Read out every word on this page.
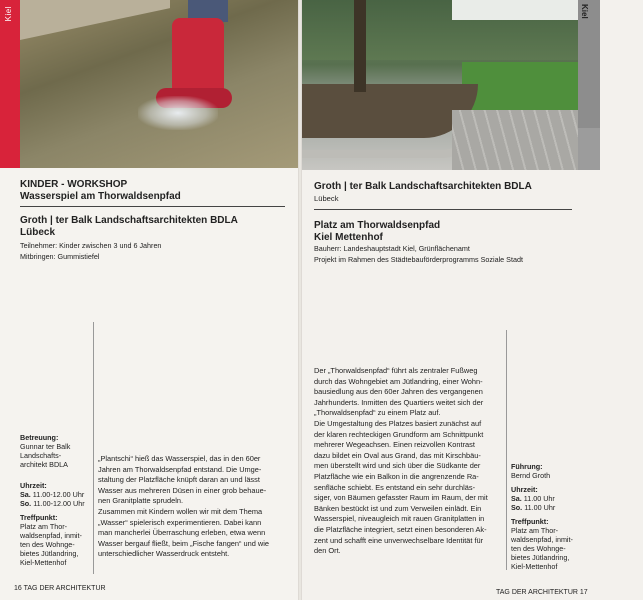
Kiel	Kiel

KINDER - WORKSHOP

Wasserspiel am Thorwaldsenpfad

Groth | ter Balk Landschaftsarchitekten BDLA

Lübeck

Teilnehmer: Kinder zwischen 3 und 6 Jahren

Mitbringen: Gummistiefel

Betreuung:

Gunnar ter Balk

Landschafts-

architekt BDLA

Uhrzeit:

Sa. 11.00-12.00 Uhr

So. 11.00-12.00 Uhr

Treffpunkt:

Platz am Thor-

waldsenpfad, inmit-

ten des Wohnge-

bietes Jütlandring,

Kiel-Mettenhof

„Plantschi“ hieß das Wasserspiel, das in den 60er

Jahren am Thorwaldsenpfad entstand. Die Umge-

staltung der Platzfläche knüpft daran an und lässt

Wasser aus mehreren Düsen in einer grob behaue-

nen Granitplatte sprudeln.

Zusammen mit Kindern wollen wir mit dem Thema

„Wasser“ spielerisch experimentieren. Dabei kann

man mancherlei Überraschung erleben, etwa wenn

Wasser bergauf fließt, beim „Fische fangen“ und wie

unterschiedlicher Wasserdruck entsteht.

16 TAG DER ARCHITEKTUR

Groth | ter Balk Landschaftsarchitekten BDLA

Lübeck

Platz am Thorwaldsenpfad

Kiel Mettenhof

Bauherr: Landeshauptstadt Kiel, Grünflächenamt

Projekt im Rahmen des Städtebauförderprogramms Soziale Stadt

Der „Thorwaldsenpfad“ führt als zentraler Fußweg

durch das Wohngebiet am Jütlandring, einer Wohn-

bausiedlung aus den 60er Jahren des vergangenen

Jahrhunderts. Inmitten des Quartiers weitet sich der

„Thorwaldsenpfad“ zu einem Platz auf.

Die Umgestaltung des Platzes basiert zunächst auf

der klaren rechteckigen Grundform am Schnittpunkt

mehrerer Wegeachsen. Einen reizvollen Kontrast

dazu bildet ein Oval aus Grand, das mit Kirschbäu-

men überstellt wird und sich über die Südkante der

Platzfläche wie ein Balkon in die angrenzende Ra-

senfläche schiebt. Es entstand ein sehr durchläs-

siger, von Bäumen gefasster Raum im Raum, der mit

Bänken bestückt ist und zum Verweilen einlädt. Ein

Wasserspiel, niveaugleich mit rauen Granitplatten in

die Platzfläche integriert, setzt einen besonderen Ak-

zent und schafft eine unverwechselbare Identität für

den Ort.

Führung:

Bernd Groth

Uhrzeit:

Sa. 11.00 Uhr

So. 11.00 Uhr

Treffpunkt:

Platz am Thor-

waldsenpfad, inmit-

ten des Wohnge-

bietes Jütlandring,

Kiel-Mettenhof

TAG DER ARCHITEKTUR 17
